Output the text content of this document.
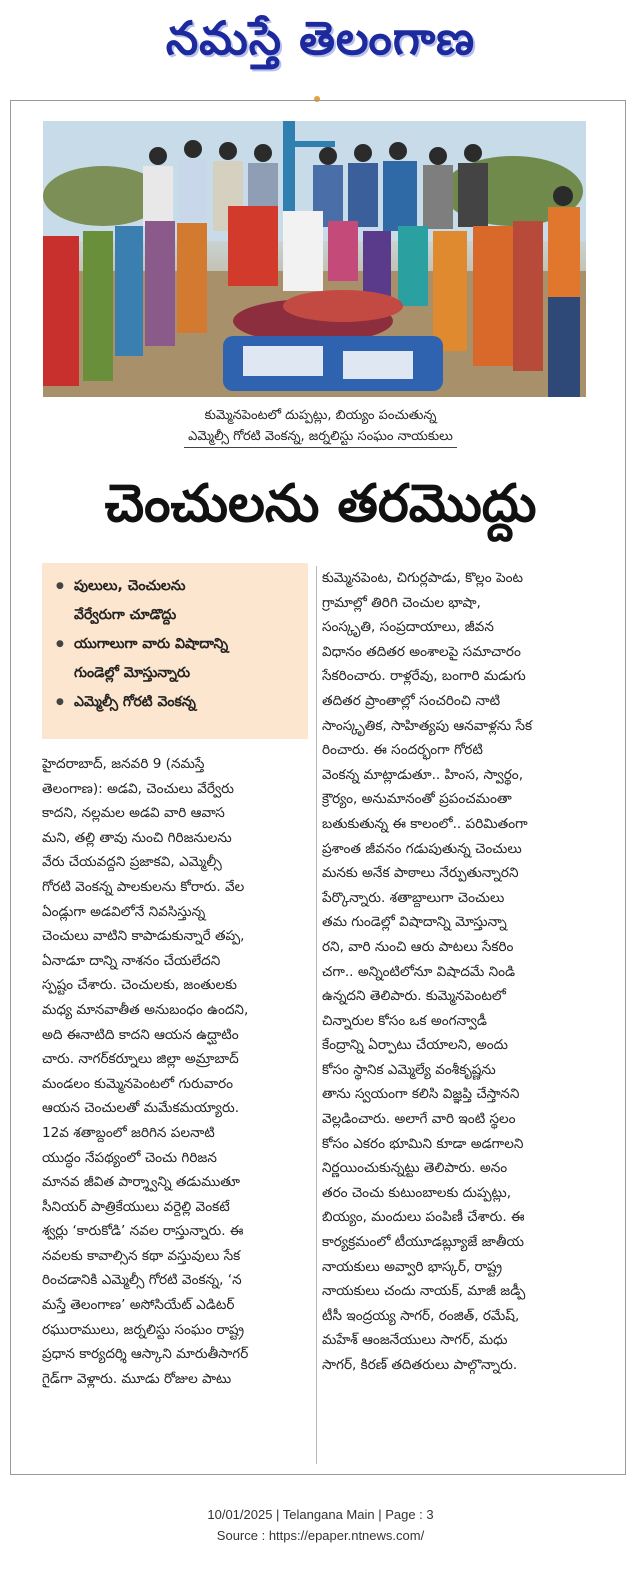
నమస్తే తెలంగాణ
కుమ్మెనపెంటలో దుప్పట్లు, బియ్యం పంచుతున్న
ఎమ్మెల్సీ గోరటి వెంకన్న, జర్నలిస్టు సంఘం నాయకులు
చెంచులను తరమొద్దు
●
పులులు, చెంచులను
వేర్వేరుగా చూడొద్దు
●
యుగాలుగా వారు విషాదాన్ని
గుండెల్లో మోస్తున్నారు
●
ఎమ్మెల్సీ గోరటి వెంకన్న
హైదరాబాద్, జనవరి 9 (నమస్తే
తెలంగాణ): అడవి, చెంచులు వేర్వేరు
కాదని, నల్లమల అడవి వారి ఆవాస
మని, తల్లి తావు నుంచి గిరిజనులను
వేరు చేయవద్దని ప్రజాకవి, ఎమ్మెల్సీ
గోరటి వెంకన్న పాలకులను కోరారు. వేల
ఏండ్లుగా అడవిలోనే నివసిస్తున్న
చెంచులు వాటిని కాపాడుకున్నారే తప్ప,
ఏనాడూ దాన్ని నాశనం చేయలేదని
స్పష్టం చేశారు. చెంచులకు, జంతులకు
మధ్య మానవాతీత అనుబంధం ఉందని,
అది ఈనాటిది కాదని ఆయన ఉద్ఘాటిం
చారు. నాగర్‌కర్నూలు జిల్లా అమ్రాబాద్
మండలం కుమ్మెనపెంటలో గురువారం
ఆయన చెంచులతో మమేకమయ్యారు.
12వ శతాబ్దంలో జరిగిన పలనాటి
యుద్ధం నేపథ్యంలో చెంచు గిరిజన
మానవ జీవిత పార్శ్వాన్ని తడుముతూ
సీనియర్ పాత్రికేయులు వర్దెల్లి వెంకటే
శ్వర్లు ‘కారుకోడి’ నవల రాస్తున్నారు. ఈ
నవలకు కావాల్సిన కథా వస్తువులు సేక
రించడానికి ఎమ్మెల్సీ గోరటి వెంకన్న, ‘న
మస్తే తెలంగాణ’ అసోసియేట్ ఎడిటర్
రఘురాములు, జర్నలిస్టు సంఘం రాష్ట్ర
ప్రధాన కార్యదర్శి ఆస్కాని మారుతీసాగర్
గైడ్‌గా వెళ్లారు. మూడు రోజుల పాటు
కుమ్మెనపెంట, చిగుర్లపాడు, కొల్లం పెంట
గ్రామాల్లో తిరిగి చెంచుల భాషా,
సంస్కృతి, సంప్రదాయాలు, జీవన
విధానం తదితర అంశాలపై సమాచారం
సేకరించారు. రాళ్లరేవు, బంగారి మడుగు
తదితర ప్రాంతాల్లో సంచరించి నాటి
సాంస్కృతిక, సాహిత్యపు ఆనవాళ్లను సేక
రించారు. ఈ సందర్భంగా గోరటి
వెంకన్న మాట్లాడుతూ.. హింస, స్వార్థం,
క్రౌర్యం, అనుమానంతో ప్రపంచమంతా
బతుకుతున్న ఈ కాలంలో.. పరిమితంగా
ప్రశాంత జీవనం గడుపుతున్న చెంచులు
మనకు అనేక పాఠాలు నేర్పుతున్నారని
పేర్కొన్నారు. శతాబ్దాలుగా చెంచులు
తమ గుండెల్లో విషాదాన్ని మోస్తున్నా
రని, వారి నుంచి ఆరు పాటలు సేకరిం
చగా.. అన్నింటిలోనూ విషాదమే నిండి
ఉన్నదని తెలిపారు. కుమ్మెనపెంటలో
చిన్నారుల కోసం ఒక అంగన్వాడీ
కేంద్రాన్ని ఏర్పాటు చేయాలని, అందు
కోసం స్థానిక ఎమ్మెల్యే వంశీకృష్ణను
తాను స్వయంగా కలిసి విజ్ఞప్తి చేస్తానని
వెల్లడించారు. అలాగే వారి ఇంటి స్థలం
కోసం ఎకరం భూమిని కూడా అడగాలని
నిర్ణయించుకున్నట్టు తెలిపారు. అనం
తరం చెంచు కుటుంబాలకు దుప్పట్లు,
బియ్యం, మందులు పంపిణీ చేశారు. ఈ
కార్యక్రమంలో టీయూడబ్ల్యూజే జాతీయ
నాయకులు అవ్వారి భాస్కర్, రాష్ట్ర
నాయకులు చందు నాయక్, మాజీ జడ్పీ
టీసీ ఇంద్రయ్య సాగర్, రంజిత్, రమేష్,
మహేశ్ ఆంజనేయులు సాగర్, మధు
సాగర్, కిరణ్ తదితరులు పాల్గొన్నారు.
10/01/2025 | Telangana Main | Page : 3
Source : https://epaper.ntnews.com/
